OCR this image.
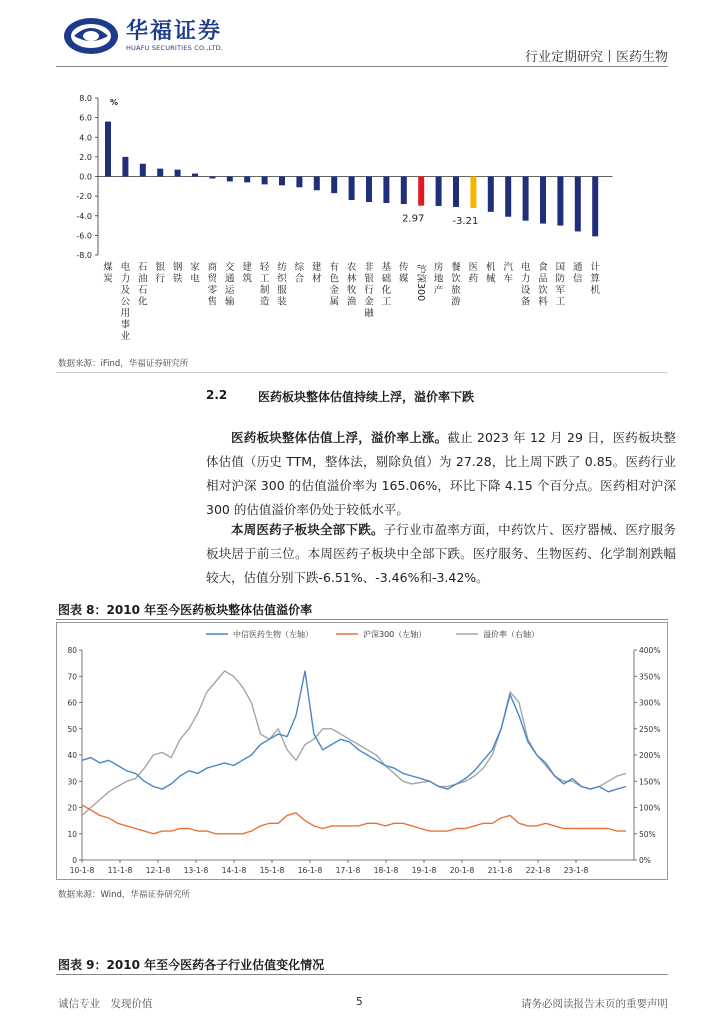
华福证券
HUAFU SECURITIES CO.,LTD.
行业定期研究丨医药生物
8.0
6.0
4.0
2.0
0.0
-2.0
-4.0
-6.0
-8.0
%
煤炭
电力及公用事业
石油石化
银行
钢铁
家电
商贸零售
交通运输
建筑
轻工制造
纺织服装
综合
建材
有色金属
农林牧渔
非银行金融
基础化工
传媒 沪深300 房地产
餐饮旅游
医药
机械
汽车
电力设备
食品饮料
国防军工
通信
计算机
2.97	-3.21
数据来源：iFind，华福证券研究所
2.2	医药板块整体估值持续上浮，溢价率下跌
医药板块整体估值上浮，溢价率上涨。截止 2023 年 12 月 29 日，医药板块整体估值（历史 TTM，整体法，剔除负值）为 27.28，比上周下跌了 0.85。医药行业相对沪深 300 的估值溢价率为 165.06%，环比下降 4.15 个百分点。医药相对沪深 300 的估值溢价率仍处于较低水平。
本周医药子板块全部下跌。子行业市盈率方面，中药饮片、医疗器械、医疗服务板块居于前三位。本周医药子板块中全部下跌。医疗服务、生物医药、化学制剂跌幅较大，估值分别下跌-6.51%、-3.46%和-3.42%。
图表 8：2010 年至今医药板块整体估值溢价率
80
70
60
50
40
30
20
10
0
400%
350%
300%
250%
200%
150%
100%
50%
0%
10-1-8 11-1-8 12-1-8 13-1-8 14-1-8 15-1-8 16-1-8 17-1-8 18-1-8 19-1-8 20-1-8 21-1-8 22-1-8 23-1-8
中信医药生物（左轴）	沪深300（左轴）	溢价率（右轴）
数据来源：Wind，华福证券研究所
图表 9：2010 年至今医药各子行业估值变化情况
诚信专业　发现价值	5	请务必阅读报告末页的重要声明
